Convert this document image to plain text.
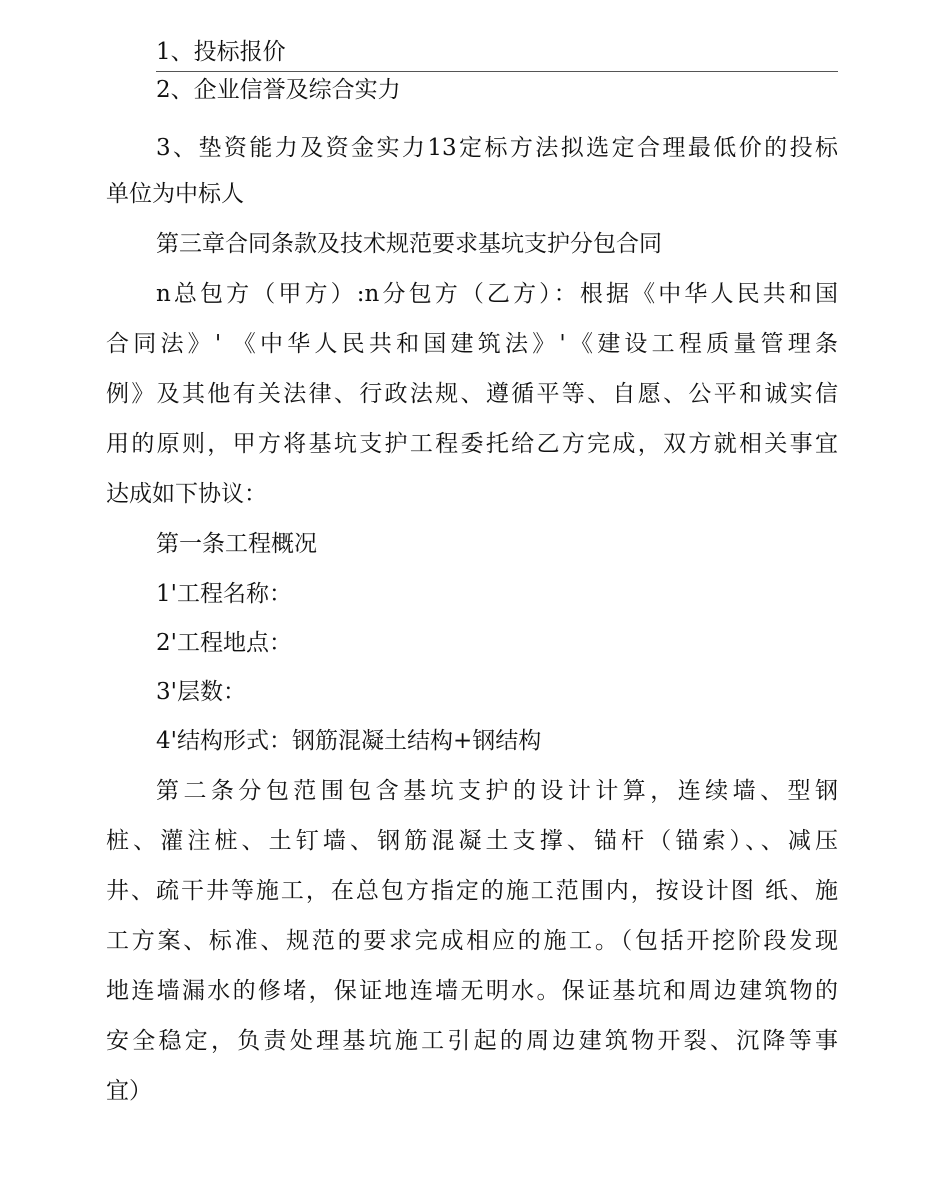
1、投标报价
2、企业信誉及综合实力
3、垫资能力及资金实力13定标方法拟选定合理最低价的投标
单位为中标人
第三章合同条款及技术规范要求基坑支护分包合同
n总包方（甲方）:n分包方（乙方）：根据《中华人民共和国
合同法》' 《中华人民共和国建筑法》'《建设工程质量管理条
例》及其他有关法律、行政法规、遵循平等、自愿、公平和诚实信
用的原则，甲方将基坑支护工程委托给乙方完成，双方就相关事宜
达成如下协议：
第一条工程概况
1'工程名称：
2'工程地点：
3'层数：
4'结构形式：钢筋混凝土结构+钢结构
第二条分包范围包含基坑支护的设计计算，连续墙、型钢
桩、灌注桩、土钉墙、钢筋混凝土支撑、锚杆（锚索）、、减压
井、疏干井等施工，在总包方指定的施工范围内，按设计图 纸、施
工方案、标准、规范的要求完成相应的施工。（包括开挖阶段发现
地连墙漏水的修堵，保证地连墙无明水。保证基坑和周边建筑物的
安全稳定，负责处理基坑施工引起的周边建筑物开裂、沉降等事
宜）
